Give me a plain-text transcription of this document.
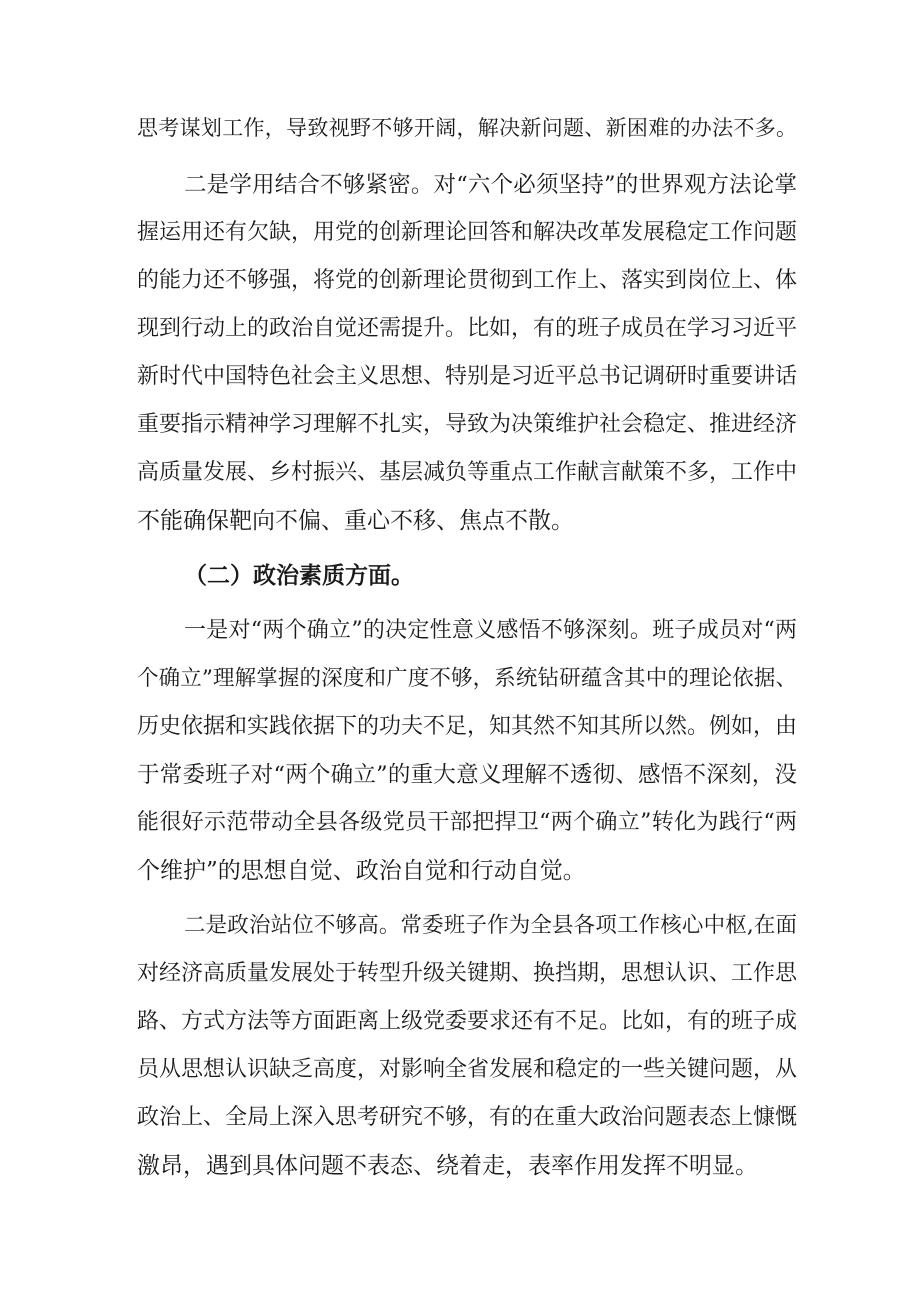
思考谋划工作，导致视野不够开阔，解决新问题、新困难的办法不多。
二是学用结合不够紧密。对“六个必须坚持”的世界观方法论掌
握运用还有欠缺，用党的创新理论回答和解决改革发展稳定工作问题
的能力还不够强，将党的创新理论贯彻到工作上、落实到岗位上、体
现到行动上的政治自觉还需提升。比如，有的班子成员在学习习近平
新时代中国特色社会主义思想、特别是习近平总书记调研时重要讲话
重要指示精神学习理解不扎实，导致为决策维护社会稳定、推进经济
高质量发展、乡村振兴、基层减负等重点工作献言献策不多，工作中
不能确保靶向不偏、重心不移、焦点不散。
（二）政治素质方面。
一是对“两个确立”的决定性意义感悟不够深刻。班子成员对“两
个确立”理解掌握的深度和广度不够，系统钻研蕴含其中的理论依据、
历史依据和实践依据下的功夫不足，知其然不知其所以然。例如，由
于常委班子对“两个确立”的重大意义理解不透彻、感悟不深刻，没
能很好示范带动全县各级党员干部把捍卫“两个确立”转化为践行“两
个维护”的思想自觉、政治自觉和行动自觉。
二是政治站位不够高。常委班子作为全县各项工作核心中枢,在面
对经济高质量发展处于转型升级关键期、换挡期，思想认识、工作思
路、方式方法等方面距离上级党委要求还有不足。比如，有的班子成
员从思想认识缺乏高度，对影响全省发展和稳定的一些关键问题，从
政治上、全局上深入思考研究不够，有的在重大政治问题表态上慷慨
激昂，遇到具体问题不表态、绕着走，表率作用发挥不明显。
